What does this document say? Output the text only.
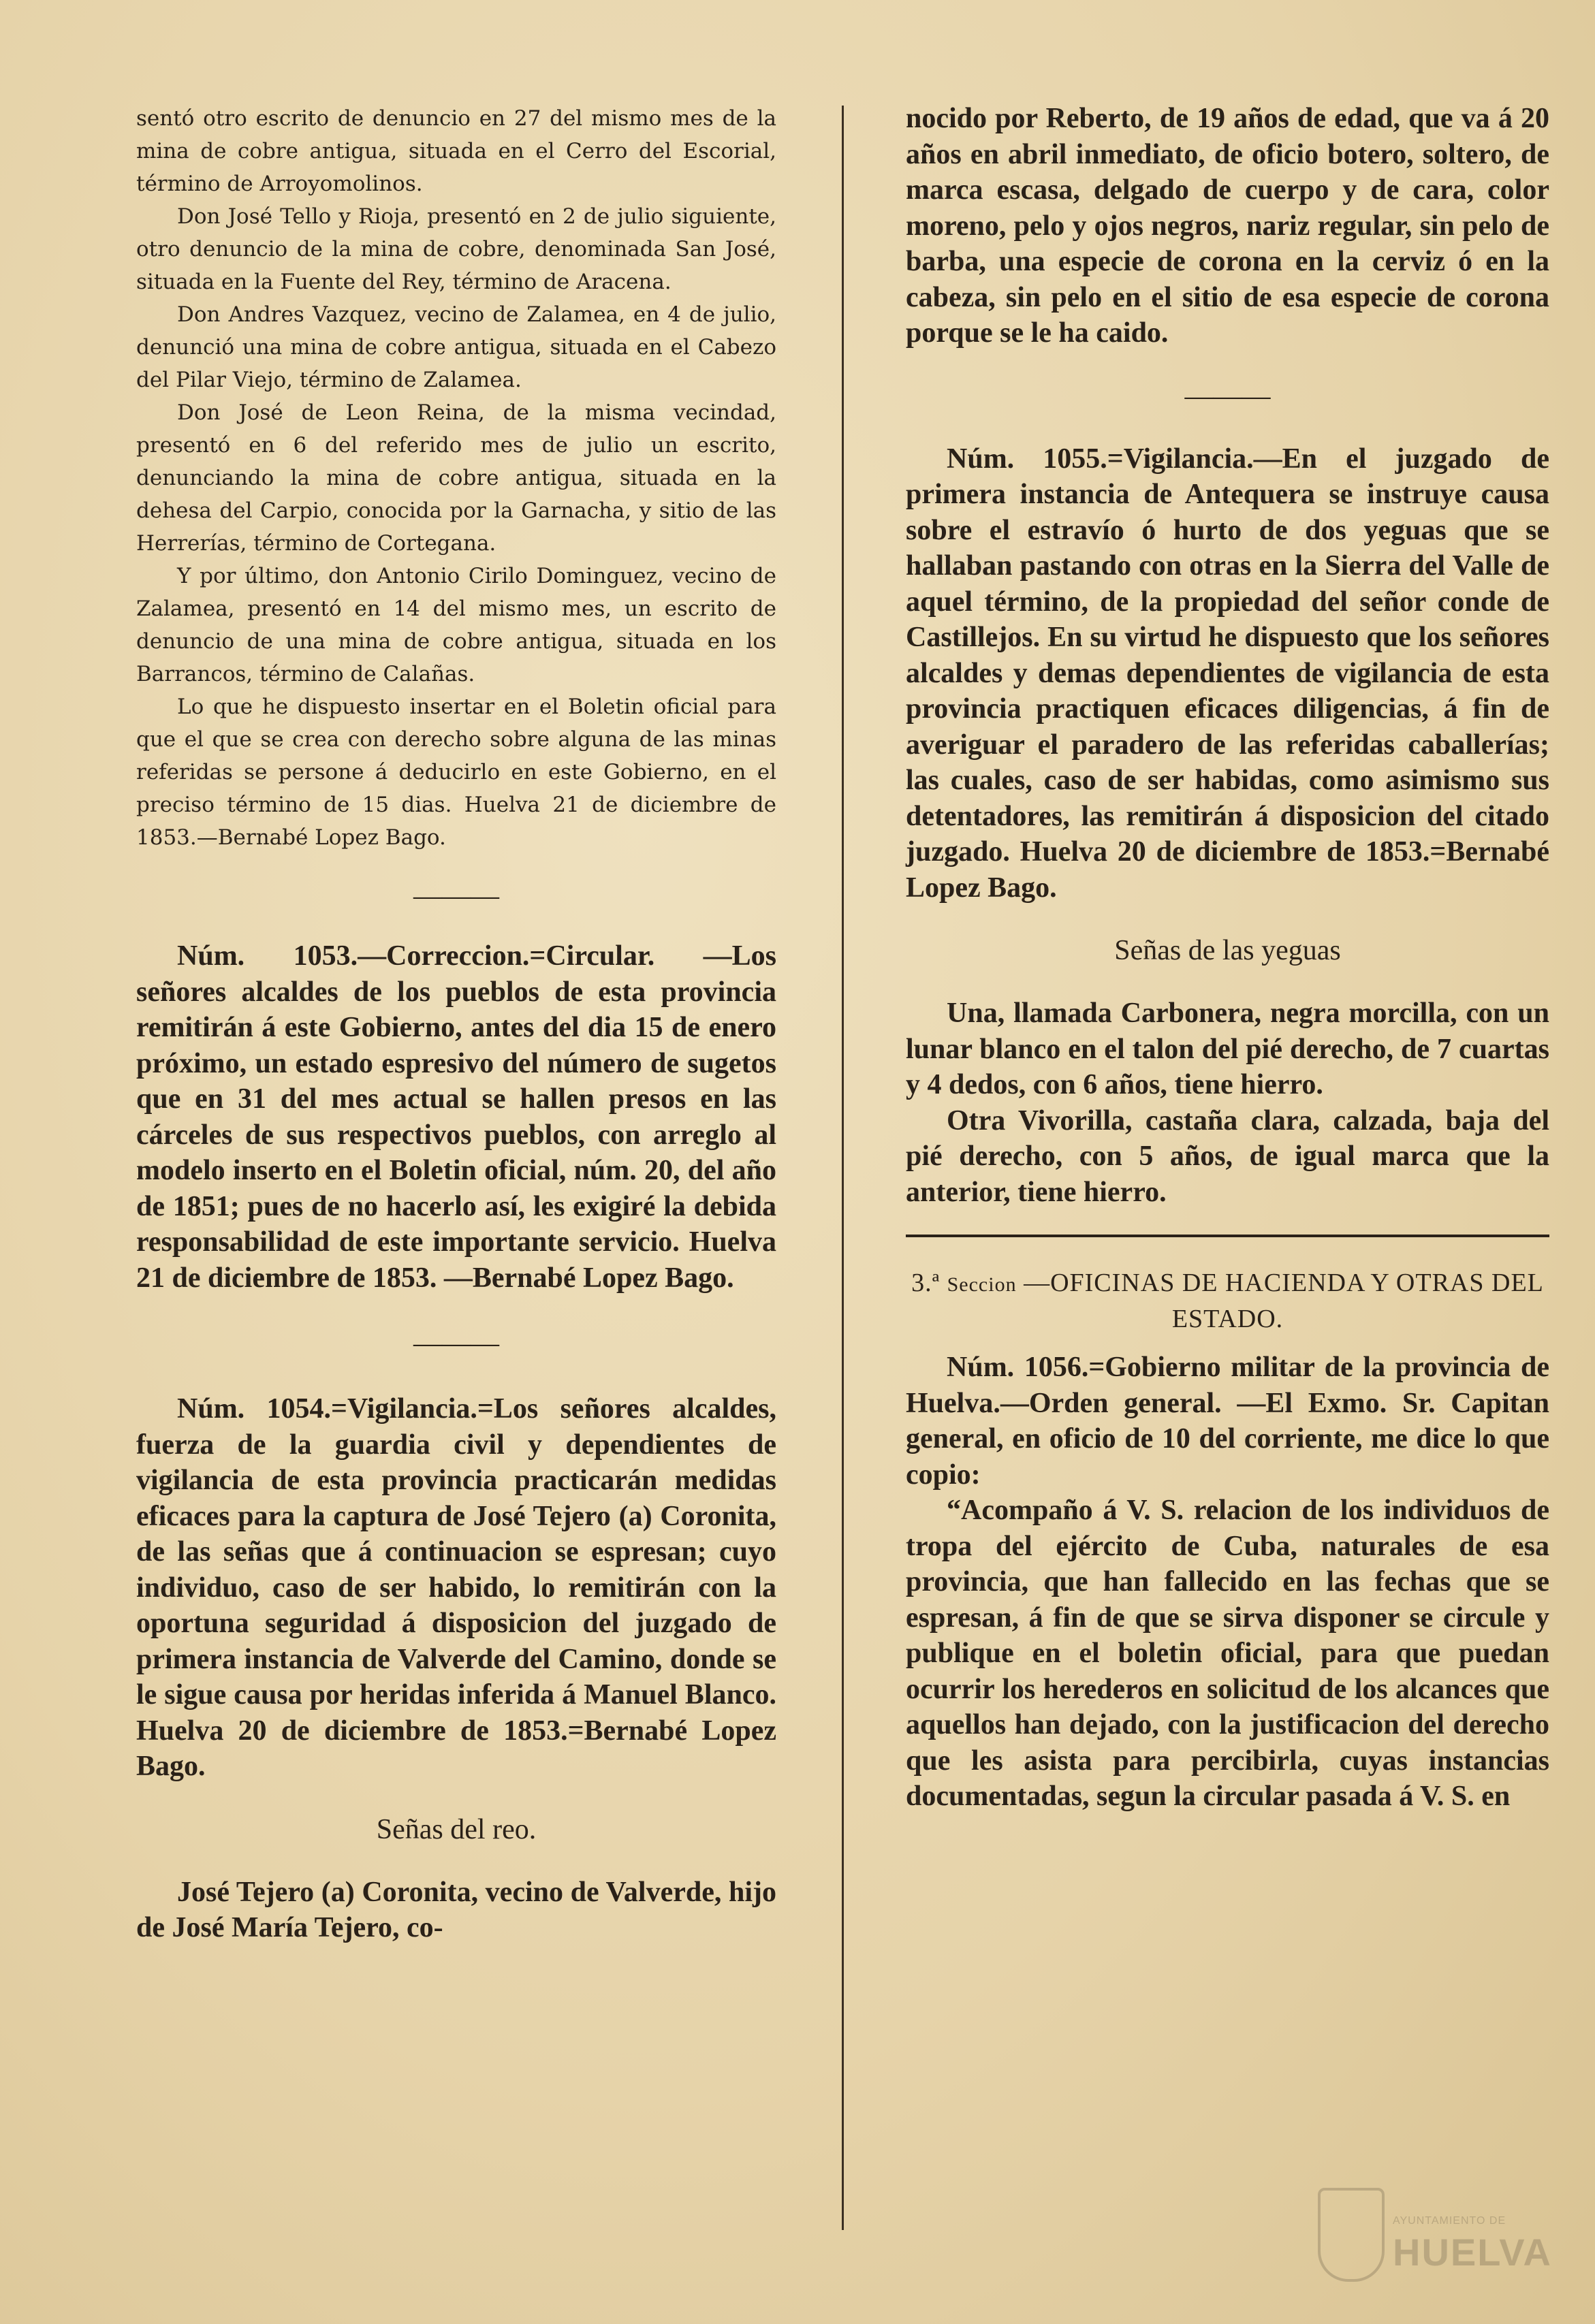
sentó otro escrito de denuncio en 27 del mismo mes de la mina de cobre antigua, situada en el Cerro del Escorial, término de Arroyomolinos.

Don José Tello y Rioja, presentó en 2 de julio siguiente, otro denuncio de la mina de cobre, denominada San José, situada en la Fuente del Rey, término de Aracena.

Don Andres Vazquez, vecino de Zalamea, en 4 de julio, denunció una mina de cobre antigua, situada en el Cabezo del Pilar Viejo, término de Zalamea.

Don José de Leon Reina, de la misma vecindad, presentó en 6 del referido mes de julio un escrito, denunciando la mina de cobre antigua, situada en la dehesa del Carpio, conocida por la Garnacha, y sitio de las Herrerías, término de Cortegana.

Y por último, don Antonio Cirilo Dominguez, vecino de Zalamea, presentó en 14 del mismo mes, un escrito de denuncio de una mina de cobre antigua, situada en los Barrancos, término de Calañas.

Lo que he dispuesto insertar en el Boletin oficial para que el que se crea con derecho sobre alguna de las minas referidas se persone á deducirlo en este Gobierno, en el preciso término de 15 dias. Huelva 21 de diciembre de 1853.—Bernabé Lopez Bago.

———

Núm. 1053.—Correccion.=Circular. —Los señores alcaldes de los pueblos de esta provincia remitirán á este Gobierno, antes del dia 15 de enero próximo, un estado espresivo del número de sugetos que en 31 del mes actual se hallen presos en las cárceles de sus respectivos pueblos, con arreglo al modelo inserto en el Boletin oficial, núm. 20, del año de 1851; pues de no hacerlo así, les exigiré la debida responsabilidad de este importante servicio. Huelva 21 de diciembre de 1853. —Bernabé Lopez Bago.

———

Núm. 1054.=Vigilancia.=Los señores alcaldes, fuerza de la guardia civil y dependientes de vigilancia de esta provincia practicarán medidas eficaces para la captura de José Tejero (a) Coronita, de las señas que á continuacion se espresan; cuyo individuo, caso de ser habido, lo remitirán con la oportuna seguridad á disposicion del juzgado de primera instancia de Valverde del Camino, donde se le sigue causa por heridas inferida á Manuel Blanco. Huelva 20 de diciembre de 1853.=Bernabé Lopez Bago.

Señas del reo.

José Tejero (a) Coronita, vecino de Valverde, hijo de José María Tejero, co-

nocido por Reberto, de 19 años de edad, que va á 20 años en abril inmediato, de oficio botero, soltero, de marca escasa, delgado de cuerpo y de cara, color moreno, pelo y ojos negros, nariz regular, sin pelo de barba, una especie de corona en la cerviz ó en la cabeza, sin pelo en el sitio de esa especie de corona porque se le ha caido.

———

Núm. 1055.=Vigilancia.—En el juzgado de primera instancia de Antequera se instruye causa sobre el estravío ó hurto de dos yeguas que se hallaban pastando con otras en la Sierra del Valle de aquel término, de la propiedad del señor conde de Castillejos. En su virtud he dispuesto que los señores alcaldes y demas dependientes de vigilancia de esta provincia practiquen eficaces diligencias, á fin de averiguar el paradero de las referidas caballerías; las cuales, caso de ser habidas, como asimismo sus detentadores, las remitirán á disposicion del citado juzgado. Huelva 20 de diciembre de 1853.=Bernabé Lopez Bago.

Señas de las yeguas

Una, llamada Carbonera, negra morcilla, con un lunar blanco en el talon del pié derecho, de 7 cuartas y 4 dedos, con 6 años, tiene hierro.

Otra Vivorilla, castaña clara, calzada, baja del pié derecho, con 5 años, de igual marca que la anterior, tiene hierro.

3.ª Seccion —OFICINAS DE HACIENDA Y OTRAS DEL ESTADO.

Núm. 1056.=Gobierno militar de la provincia de Huelva.—Orden general. —El Exmo. Sr. Capitan general, en oficio de 10 del corriente, me dice lo que copio:

“Acompaño á V. S. relacion de los individuos de tropa del ejército de Cuba, naturales de esa provincia, que han fallecido en las fechas que se espresan, á fin de que se sirva disponer se circule y publique en el boletin oficial, para que puedan ocurrir los herederos en solicitud de los alcances que aquellos han dejado, con la justificacion del derecho que les asista para percibirla, cuyas instancias documentadas, segun la circular pasada á V. S. en

AYUNTAMIENTO DE
HUELVA
